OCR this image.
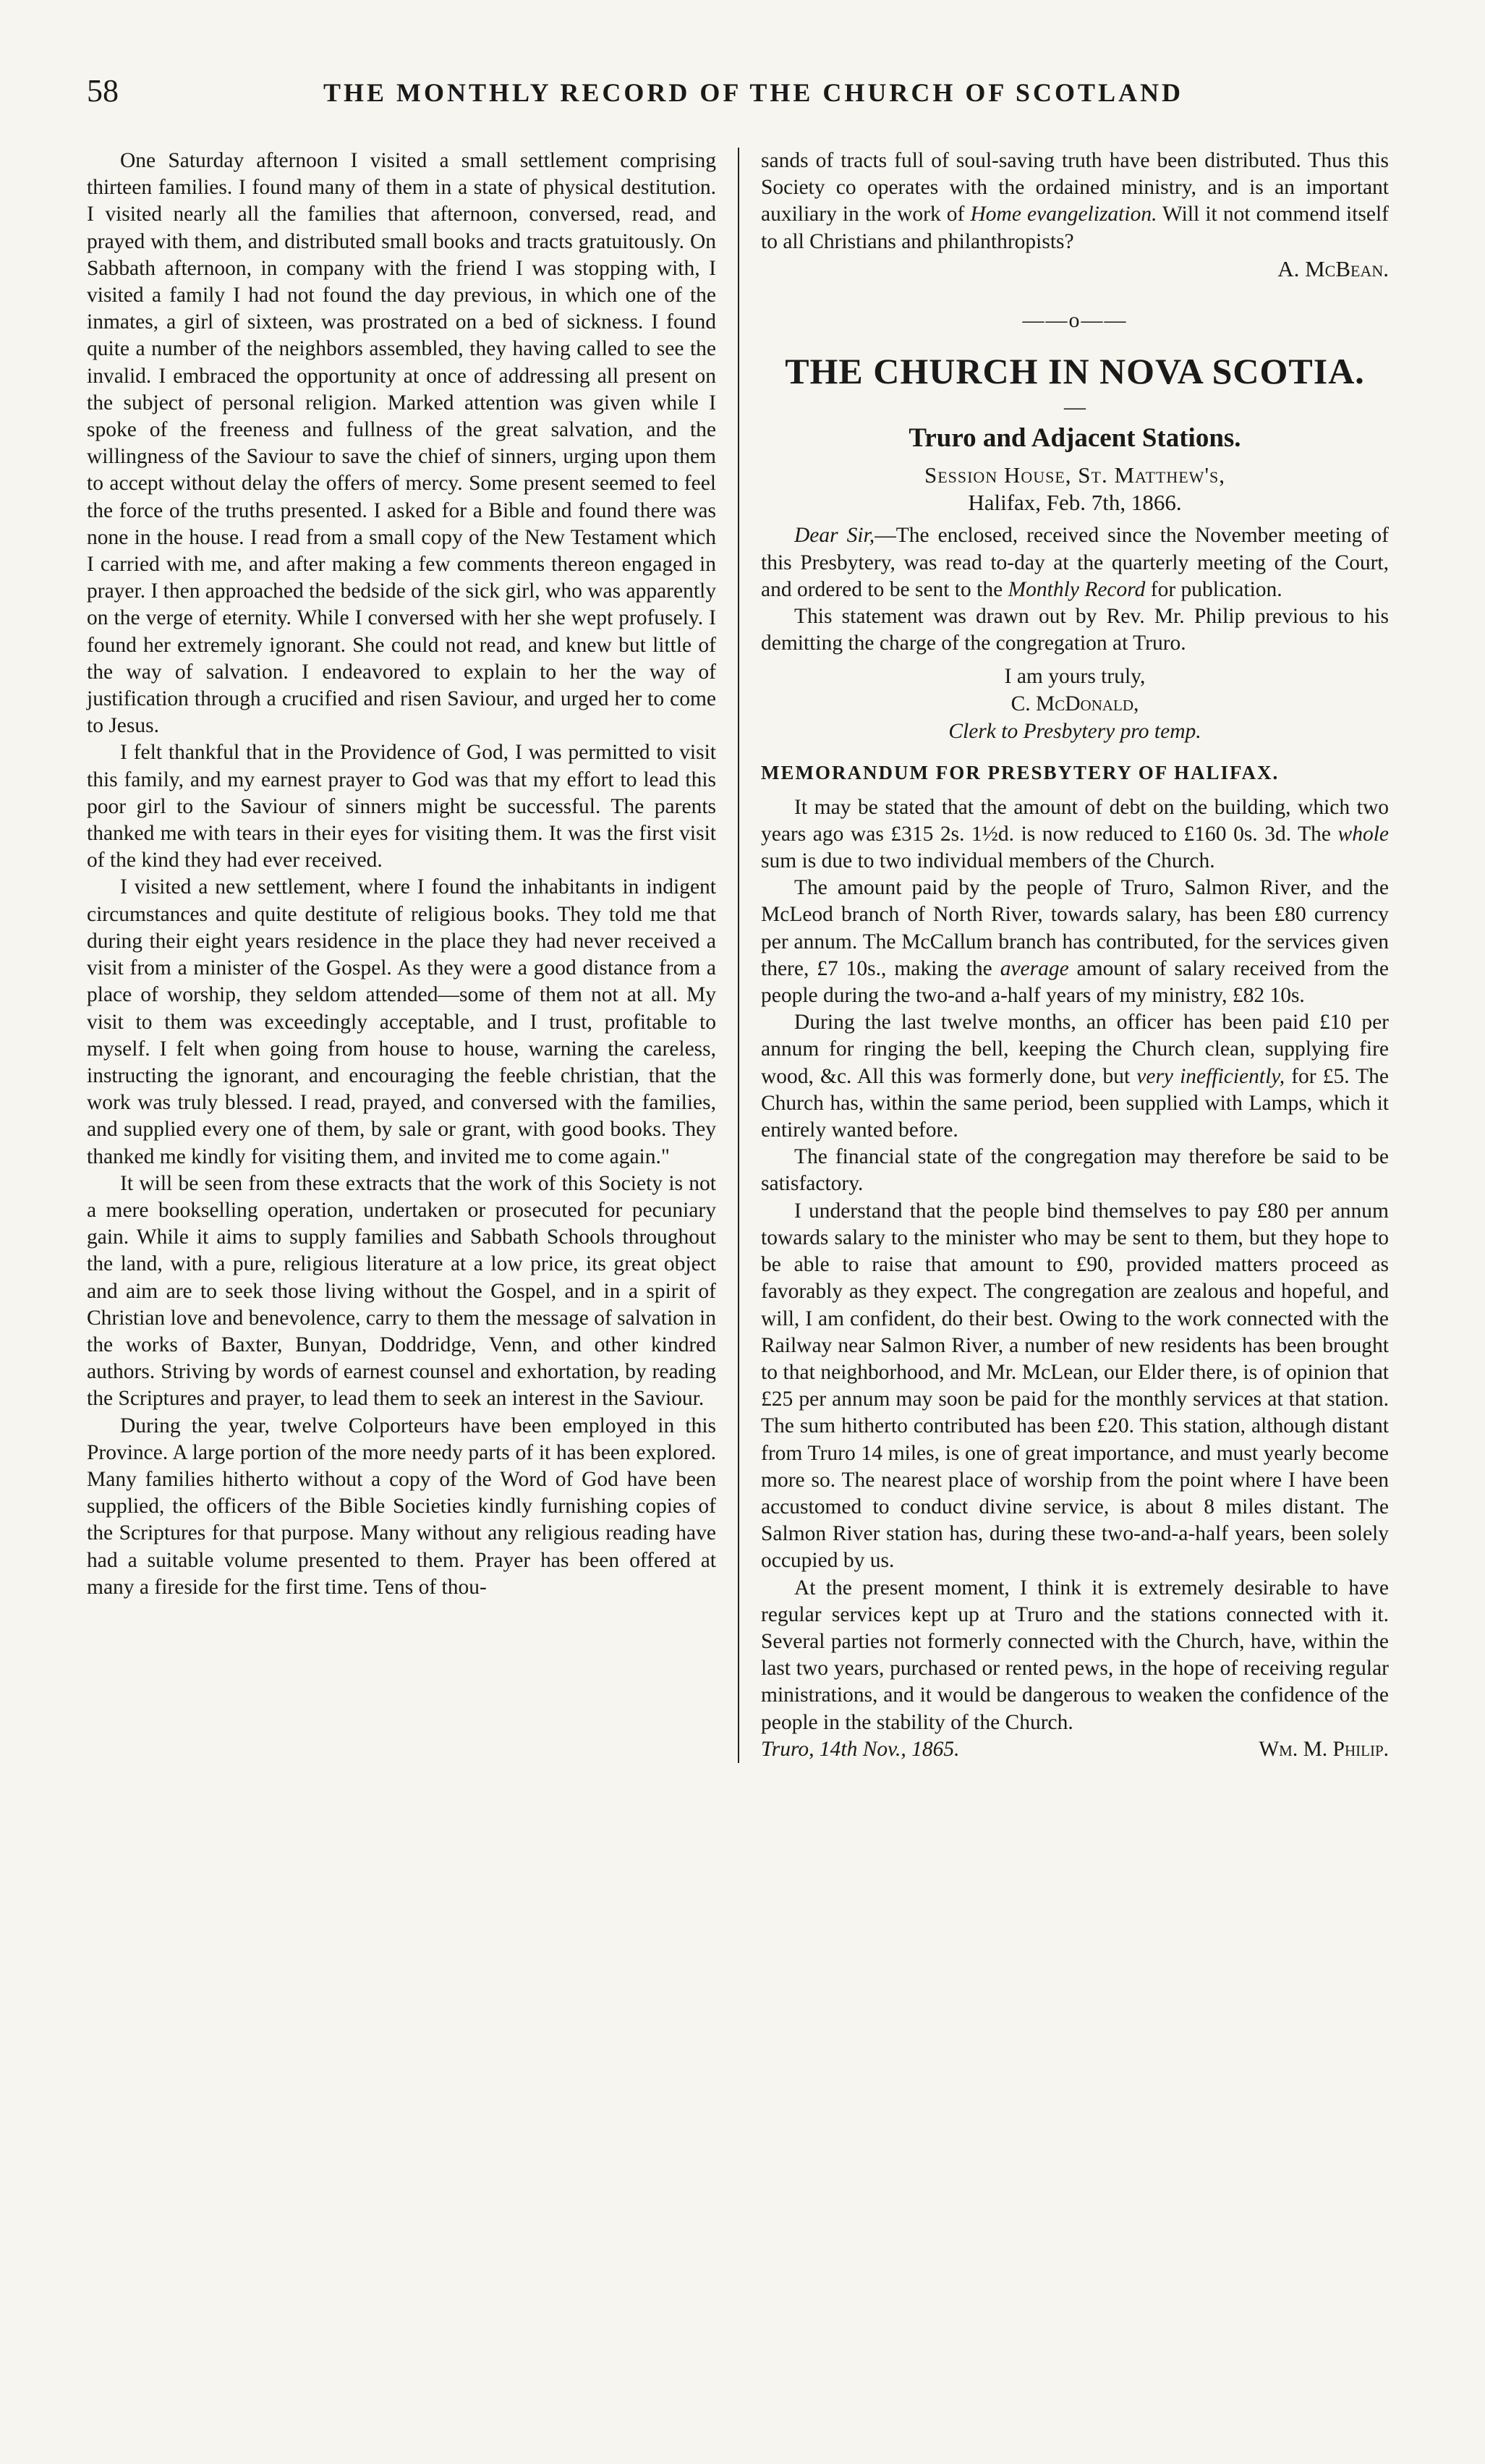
58	THE MONTHLY RECORD OF THE CHURCH OF SCOTLAND

One Saturday afternoon I visited a small settlement comprising thirteen families. I found many of them in a state of physical destitution. I visited nearly all the families that afternoon, conversed, read, and prayed with them, and distributed small books and tracts gratuitously. On Sabbath afternoon, in company with the friend I was stopping with, I visited a family I had not found the day previous, in which one of the inmates, a girl of sixteen, was prostrated on a bed of sickness. I found quite a number of the neighbors assembled, they having called to see the invalid. I embraced the opportunity at once of addressing all present on the subject of personal religion. Marked attention was given while I spoke of the freeness and fullness of the great salvation, and the willingness of the Saviour to save the chief of sinners, urging upon them to accept without delay the offers of mercy. Some present seemed to feel the force of the truths presented. I asked for a Bible and found there was none in the house. I read from a small copy of the New Testament which I carried with me, and after making a few comments thereon engaged in prayer. I then approached the bedside of the sick girl, who was apparently on the verge of eternity. While I conversed with her she wept profusely. I found her extremely ignorant. She could not read, and knew but little of the way of salvation. I endeavored to explain to her the way of justification through a crucified and risen Saviour, and urged her to come to Jesus.

I felt thankful that in the Providence of God, I was permitted to visit this family, and my earnest prayer to God was that my effort to lead this poor girl to the Saviour of sinners might be successful. The parents thanked me with tears in their eyes for visiting them. It was the first visit of the kind they had ever received.

I visited a new settlement, where I found the inhabitants in indigent circumstances and quite destitute of religious books. They told me that during their eight years residence in the place they had never received a visit from a minister of the Gospel. As they were a good distance from a place of worship, they seldom attended—some of them not at all. My visit to them was exceedingly acceptable, and I trust, profitable to myself. I felt when going from house to house, warning the careless, instructing the ignorant, and encouraging the feeble christian, that the work was truly blessed. I read, prayed, and conversed with the families, and supplied every one of them, by sale or grant, with good books. They thanked me kindly for visiting them, and invited me to come again."

It will be seen from these extracts that the work of this Society is not a mere bookselling operation, undertaken or prosecuted for pecuniary gain. While it aims to supply families and Sabbath Schools throughout the land, with a pure, religious literature at a low price, its great object and aim are to seek those living without the Gospel, and in a spirit of Christian love and benevolence, carry to them the message of salvation in the works of Baxter, Bunyan, Doddridge, Venn, and other kindred authors. Striving by words of earnest counsel and exhortation, by reading the Scriptures and prayer, to lead them to seek an interest in the Saviour.

During the year, twelve Colporteurs have been employed in this Province. A large portion of the more needy parts of it has been explored. Many families hitherto without a copy of the Word of God have been supplied, the officers of the Bible Societies kindly furnishing copies of the Scriptures for that purpose. Many without any religious reading have had a suitable volume presented to them. Prayer has been offered at many a fireside for the first time. Tens of thou-

sands of tracts full of soul-saving truth have been distributed. Thus this Society co operates with the ordained ministry, and is an important auxiliary in the work of Home evangelization. Will it not commend itself to all Christians and philanthropists?

A. McBean.
——o——
THE CHURCH IN NOVA SCOTIA.
—
Truro and Adjacent Stations.
Session House, St. Matthew's,
Halifax, Feb. 7th, 1866.

Dear Sir,—The enclosed, received since the November meeting of this Presbytery, was read to-day at the quarterly meeting of the Court, and ordered to be sent to the Monthly Record for publication.

This statement was drawn out by Rev. Mr. Philip previous to his demitting the charge of the congregation at Truro.

I am yours truly,
C. McDonald,
Clerk to Presbytery pro temp.
MEMORANDUM FOR PRESBYTERY OF HALIFAX.

It may be stated that the amount of debt on the building, which two years ago was £315 2s. 1½d. is now reduced to £160 0s. 3d. The whole sum is due to two individual members of the Church.

The amount paid by the people of Truro, Salmon River, and the McLeod branch of North River, towards salary, has been £80 currency per annum. The McCallum branch has contributed, for the services given there, £7 10s., making the average amount of salary received from the people during the two-and a-half years of my ministry, £82 10s.

During the last twelve months, an officer has been paid £10 per annum for ringing the bell, keeping the Church clean, supplying fire wood, &c. All this was formerly done, but very inefficiently, for £5. The Church has, within the same period, been supplied with Lamps, which it entirely wanted before.

The financial state of the congregation may therefore be said to be satisfactory.

I understand that the people bind themselves to pay £80 per annum towards salary to the minister who may be sent to them, but they hope to be able to raise that amount to £90, provided matters proceed as favorably as they expect. The congregation are zealous and hopeful, and will, I am confident, do their best. Owing to the work connected with the Railway near Salmon River, a number of new residents has been brought to that neighborhood, and Mr. McLean, our Elder there, is of opinion that £25 per annum may soon be paid for the monthly services at that station. The sum hitherto contributed has been £20. This station, although distant from Truro 14 miles, is one of great importance, and must yearly become more so. The nearest place of worship from the point where I have been accustomed to conduct divine service, is about 8 miles distant. The Salmon River station has, during these two-and-a-half years, been solely occupied by us.

At the present moment, I think it is extremely desirable to have regular services kept up at Truro and the stations connected with it. Several parties not formerly connected with the Church, have, within the last two years, purchased or rented pews, in the hope of receiving regular ministrations, and it would be dangerous to weaken the confidence of the people in the stability of the Church.

Truro, 14th Nov., 1865.	Wm. M. Philip.
